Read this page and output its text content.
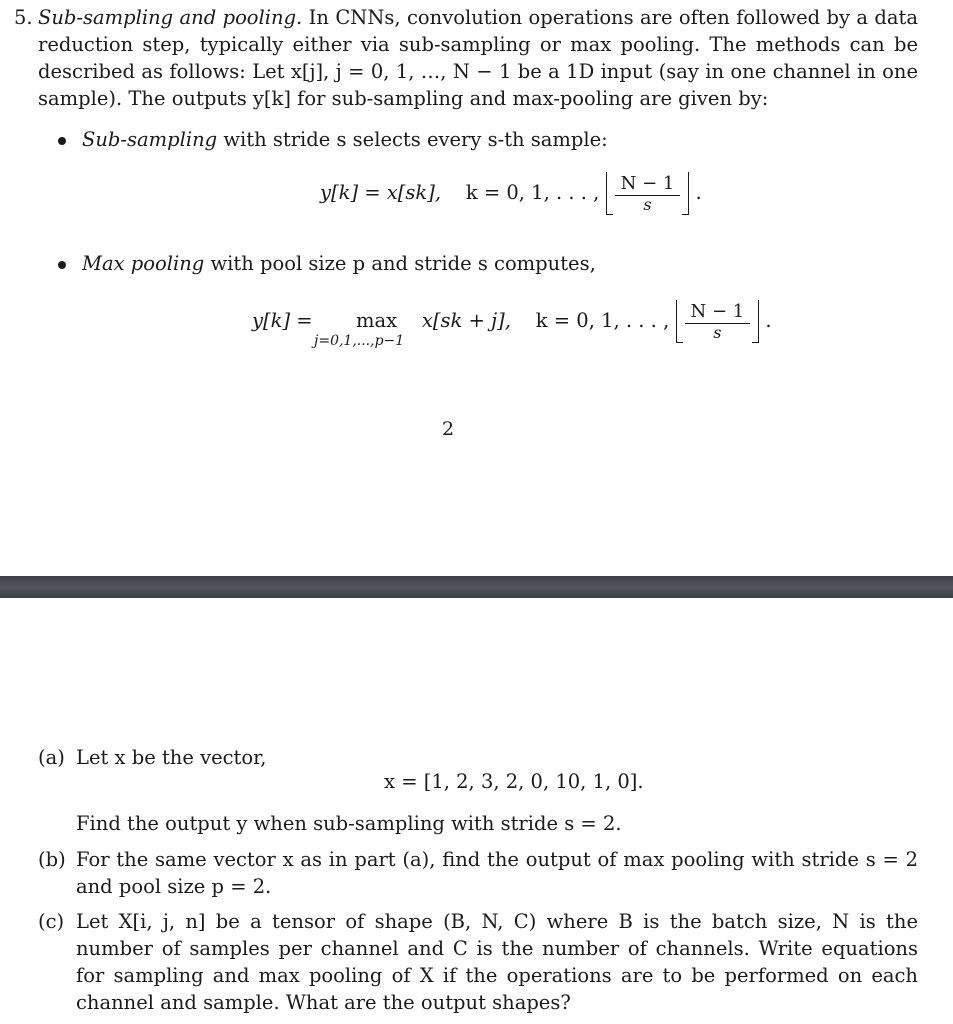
5. Sub-sampling and pooling. In CNNs, convolution operations are often followed by a data reduction step, typically either via sub-sampling or max pooling. The methods can be described as follows: Let x[j], j = 0, 1, …, N − 1 be a 1D input (say in one channel in one sample). The outputs y[k] for sub-sampling and max-pooling are given by:
Sub-sampling with stride s selects every s-th sample:
y[k] = x[sk], k = 0, 1, . . . , $\frac{N - 1}{s}$ .
Max pooling with pool size p and stride s computes,
y[k] = max x[sk + j], k = 0, 1, . . . , $\frac{N - 1}{s}$ .
j=0,1,...,p−1
2
(a) Let x be the vector,
x = [1, 2, 3, 2, 0, 10, 1, 0].
Find the output y when sub-sampling with stride s = 2.
(b) For the same vector x as in part (a), find the output of max pooling with stride s = 2 and pool size p = 2.
(c) Let X[i, j, n] be a tensor of shape (B, N, C) where B is the batch size, N is the number of samples per channel and C is the number of channels. Write equations for sampling and max pooling of X if the operations are to be performed on each channel and sample. What are the output shapes?
